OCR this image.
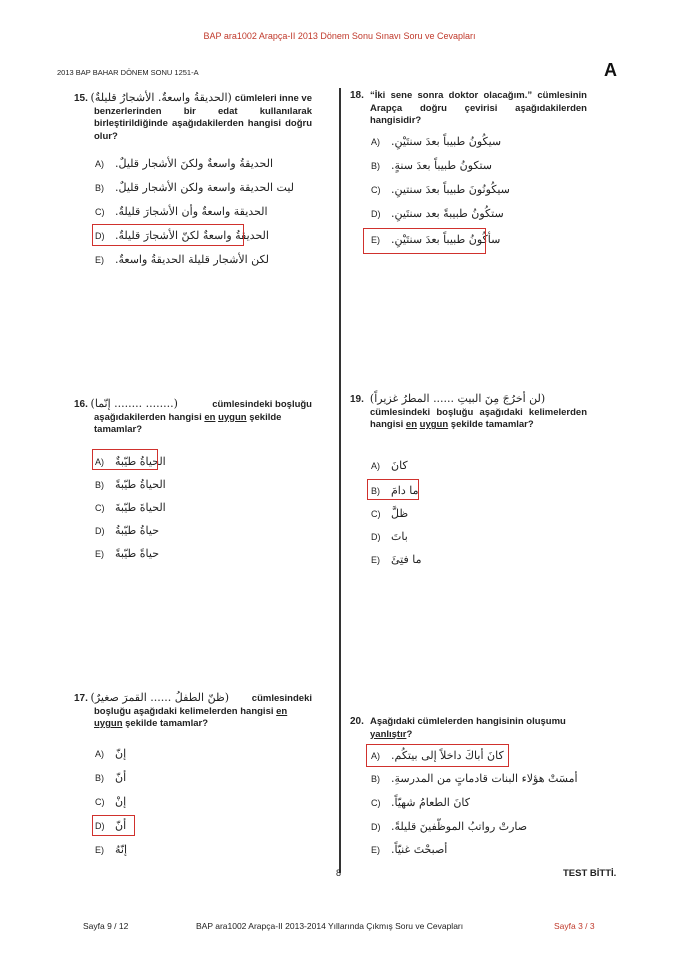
BAP ara1002 Arapça-II 2013 Dönem Sonu Sınavı Soru ve Cevapları
2013 BAP BAHAR DÖNEM SONU 1251-A	A
15. (الحديقةُ واسعةٌ. الأشجارُ قليلةٌ) cümleleri inne ve
benzerlerinden bir edat kullanılarak birleştirildiğinde aşağıdakilerden hangisi doğru olur?
A)	الحديقةُ واسعةٌ ولكنَ الأشجار قليلٌ.
B)	ليت الحديقة واسعة ولكن الأشجار قليلٌ.
C) الحديقة واسعةٌ وأن الأشجارَ قليلةٌ.
D) الحديقةُ واسعةٌ لكنّ الأشجارَ قليلةٌ.
E)	لكن الأشجار قليلة الحديقةُ واسعةٌ.
16. (إنّما ........ ........)	cümlesindeki boşluğu
aşağıdakilerden hangisi en uygun şekilde tamamlar?
A)	الحياةُ طيّبةٌ
B)	الحياةُ طيّبةً
C) الحياةَ طيّبةَ
D) حياةُ طيّبةُ
E)	حياةً طيّبةً
17. (ظنّ الطفلُ ...... القمرَ صغيرٌ) cümlesindeki
boşluğu aşağıdaki kelimelerden hangisi en uygun şekilde tamamlar?
A)	إنّ
B)	أنّ
C) إنْ
D) أنّ
E)	إنّهُ
18. “İki sene sonra doktor olacağım.” cümlesinin Arapça doğru çevirisi aşağıdakilerden hangisidir?
A)	سيكُونُ طبيباً بعدَ سنتَيْنِ.
B)	ستكونُ طبيباً بعدَ سنةٍ.
C) سيكُونُونَ طبيباً بعدَ سنتينِ.
D) ستكُونُ طبيبةً بعد سنتَينِ.
E)	سأكُونُ طبيباً بعدَ سنتَيْنِ.
19. (لن أخرُجَ مِنَ البيتِ ...... المطرُ غزيراً)
cümlesindeki boşluğu aşağıdaki kelimelerden hangisi en uygun şekilde tamamlar?
A)	كانَ
B)	ما دامَ
C) ظلَّ
D) باتَ
E)	ما فتِئَ
20. Aşağıdaki cümlelerden hangisinin oluşumu yanlıştır?
A)	كانَ أباكَ داخلاً إلى بيتكُم.
B)	أمسَتْ هؤلاء البنات قادماتٍ من المدرسةِ.
C) كانَ الطعامُ شهيّاً.
D) صارتْ رواتبُ الموظّفينَ قليلةً.
E)	أصبحْتَ غنيّاً.
8	TEST BİTTİ.
Sayfa 9 / 12	BAP ara1002 Arapça-II 2013-2014 Yıllarında Çıkmış Soru ve Cevapları	Sayfa 3 / 3
